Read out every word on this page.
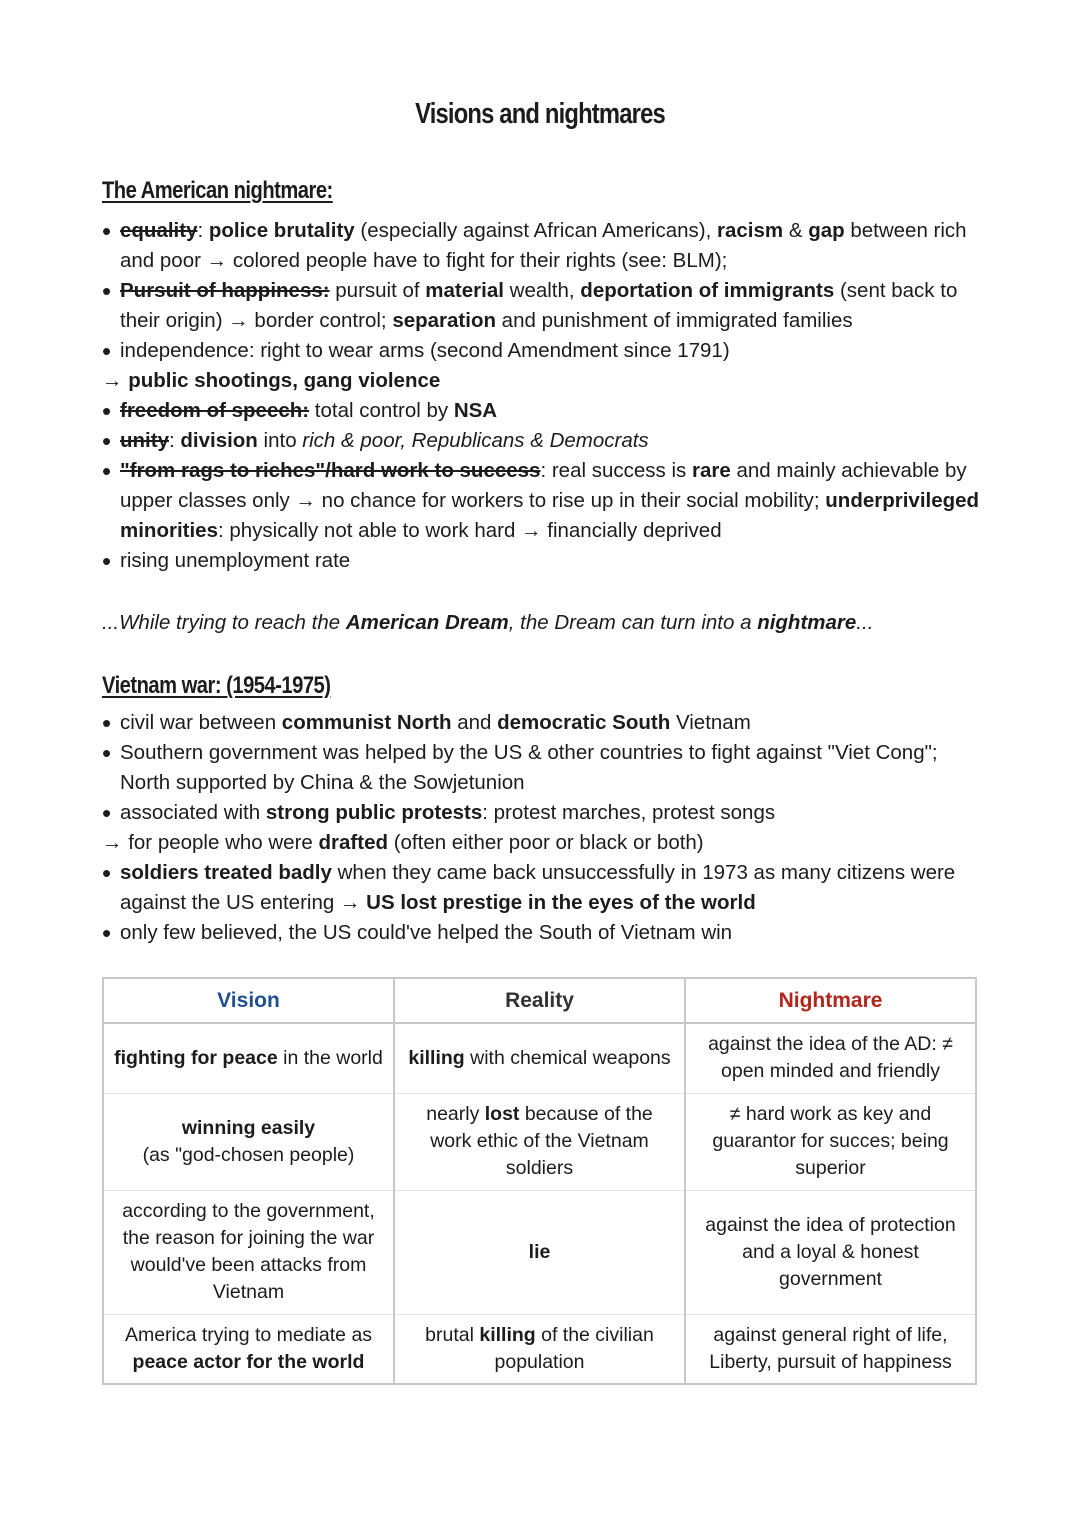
Visions and nightmares
The American nightmare:
• equality: police brutality (especially against African Americans), racism & gap between rich and poor → colored people have to fight for their rights (see: BLM);
• Pursuit of happiness: pursuit of material wealth, deportation of immigrants (sent back to their origin) → border control; separation and punishment of immigrated families
• independence: right to wear arms (second Amendment since 1791)
→ public shootings, gang violence
• freedom of speech: total control by NSA
• unity: division into rich & poor, Republicans & Democrats
• "from rags to riches"/hard work to success: real success is rare and mainly achievable by upper classes only → no chance for workers to rise up in their social mobility; underprivileged minorities: physically not able to work hard → financially deprived
• rising unemployment rate

...While trying to reach the American Dream, the Dream can turn into a nightmare...

Vietnam war: (1954-1975)
• civil war between communist North and democratic South Vietnam
• Southern government was helped by the US & other countries to fight against "Viet Cong"; North supported by China & the Sowjetunion
• associated with strong public protests: protest marches, protest songs
→ for people who were drafted (often either poor or black or both)
• soldiers treated badly when they came back unsuccessfully in 1973 as many citizens were against the US entering → US lost prestige in the eyes of the world
• only few believed, the US could've helped the South of Vietnam win
Vision	Reality	Nightmare
fighting for peace in the world	killing with chemical weapons	against the idea of the AD: ≠ open minded and friendly
winning easily
(as "god-chosen people)	nearly lost because of the work ethic of the Vietnam soldiers	≠ hard work as key and guarantor for succes; being superior
according to the government, the reason for joining the war would've been attacks from Vietnam	lie	against the idea of protection and a loyal & honest government
America trying to mediate as peace actor for the world	brutal killing of the civilian population	against general right of life, Liberty, pursuit of happiness
